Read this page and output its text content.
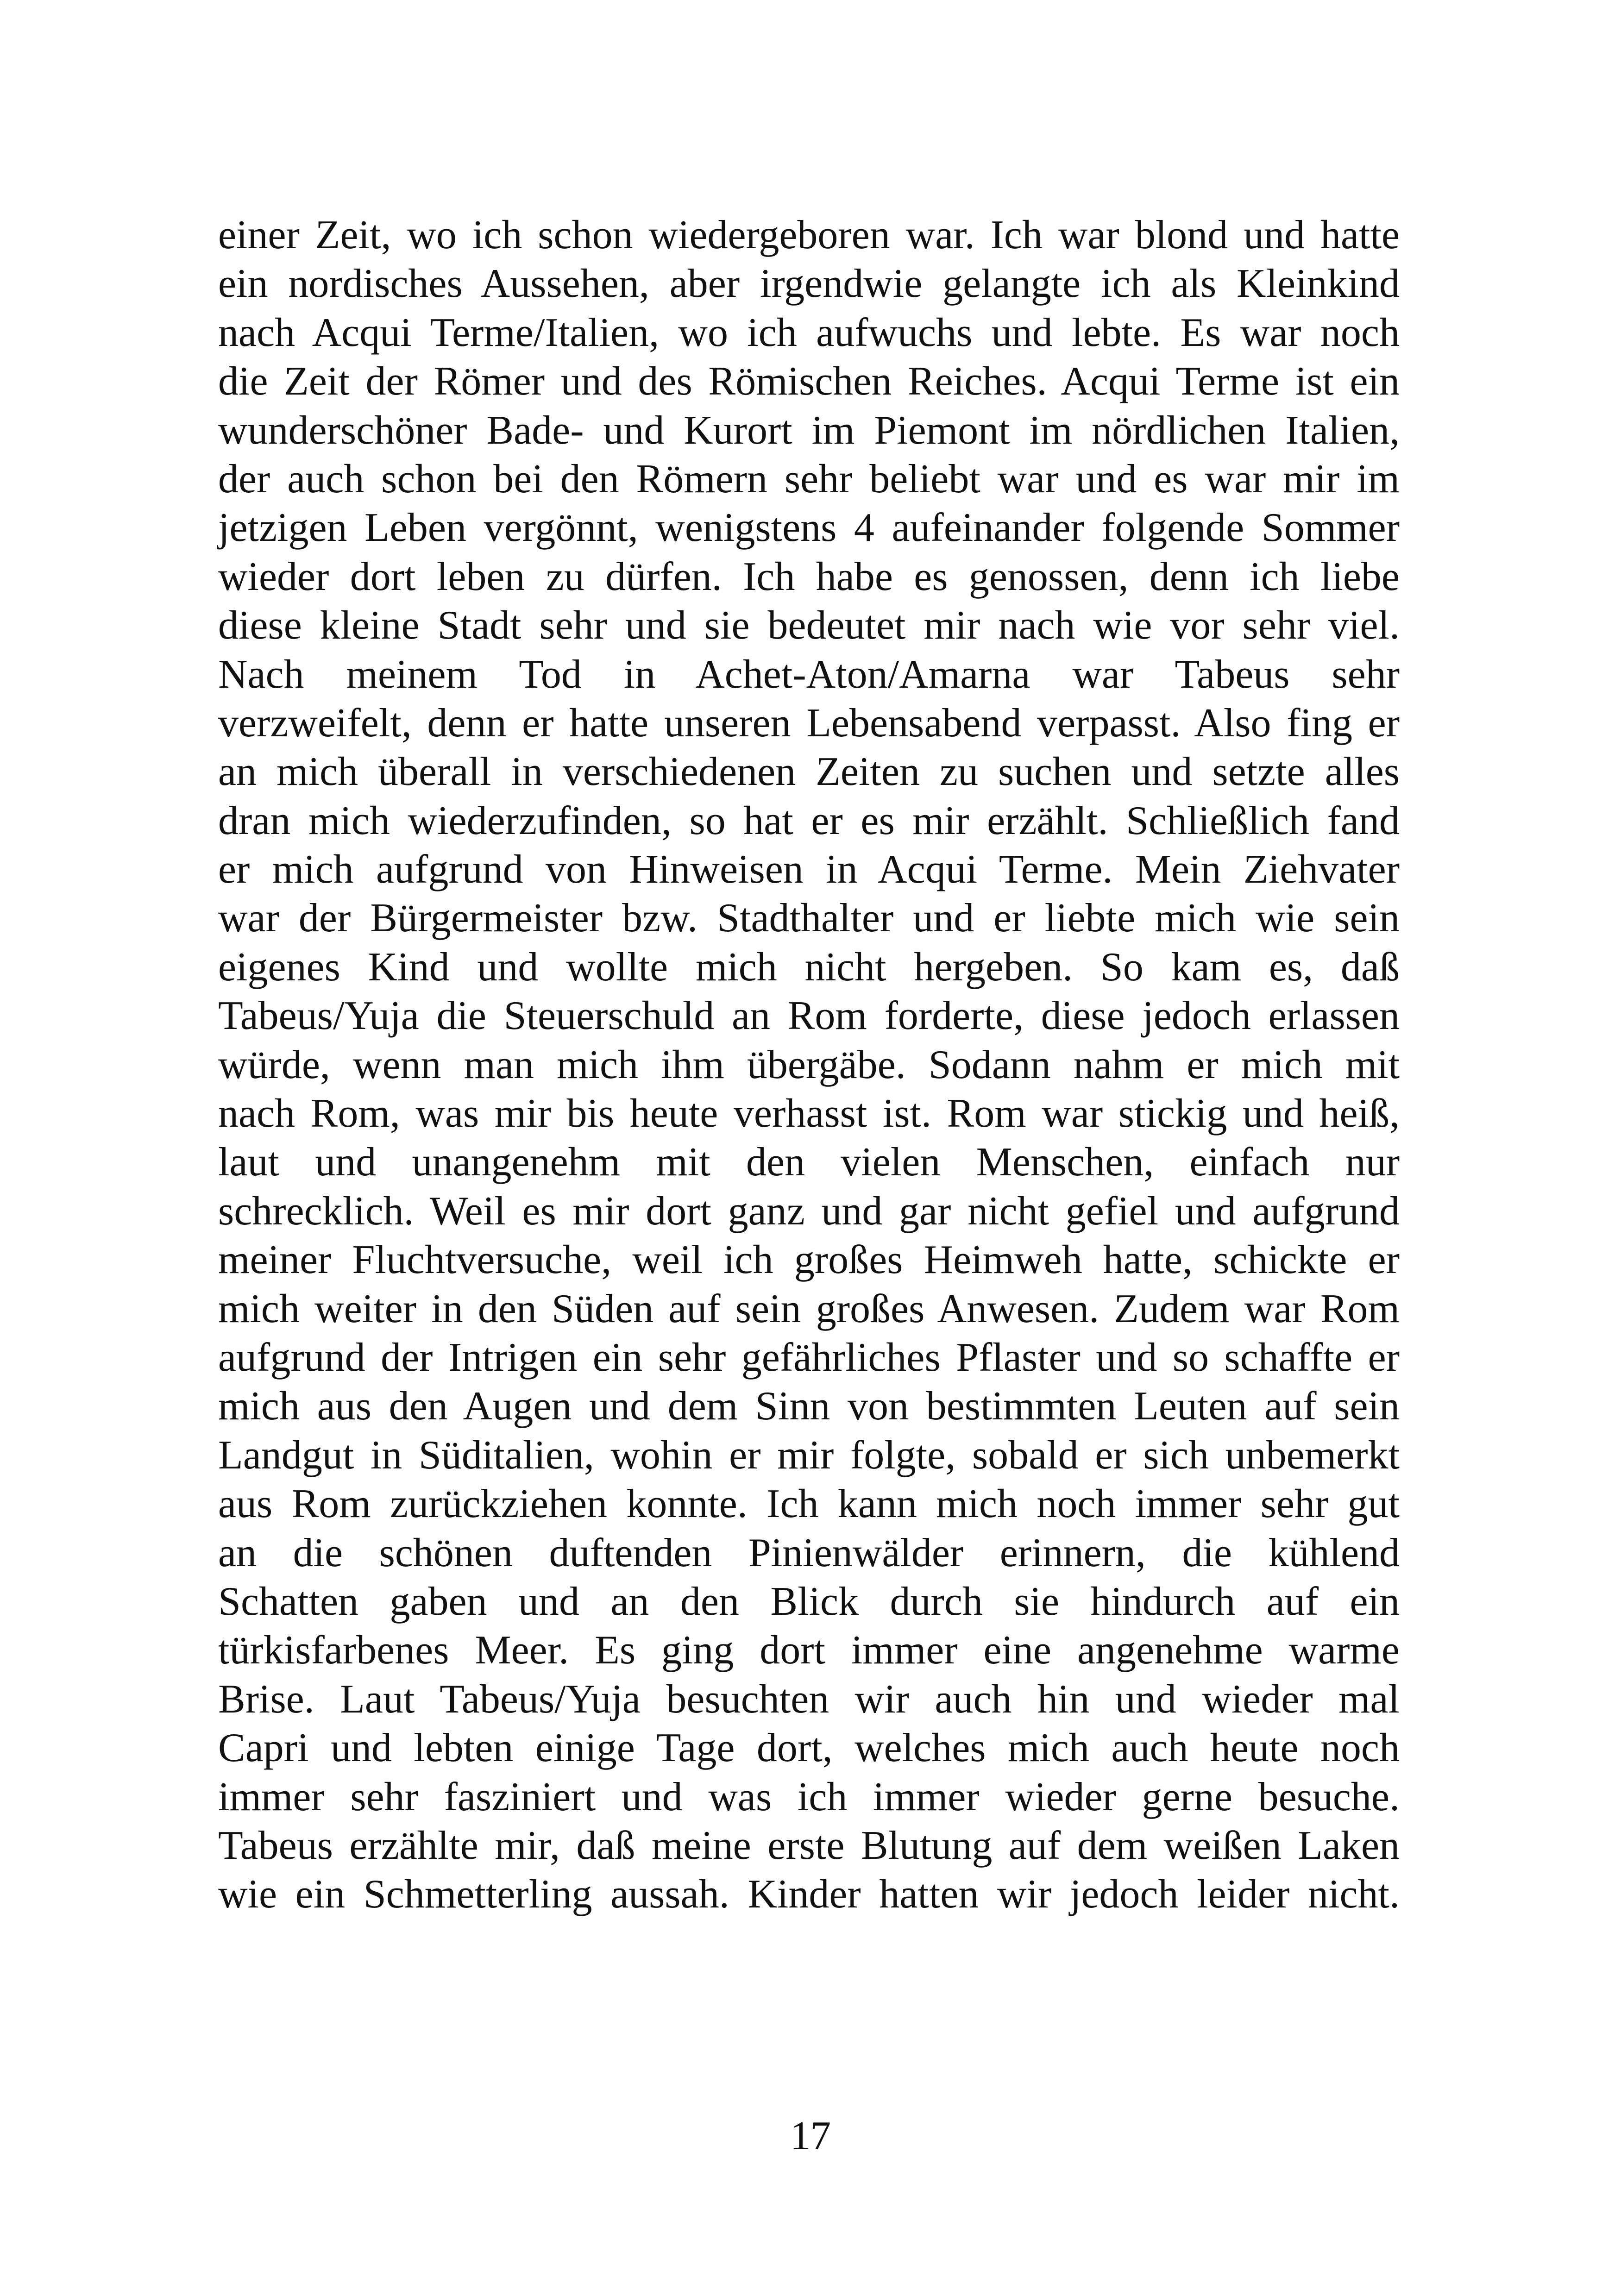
einer Zeit, wo ich schon wiedergeboren war. Ich war blond und hatte
ein nordisches Aussehen, aber irgendwie gelangte ich als Kleinkind
nach Acqui Terme/Italien, wo ich aufwuchs und lebte. Es war noch
die Zeit der Römer und des Römischen Reiches. Acqui Terme ist ein
wunderschöner Bade- und Kurort im Piemont im nördlichen Italien,
der auch schon bei den Römern sehr beliebt war und es war mir im
jetzigen Leben vergönnt, wenigstens 4 aufeinander folgende Sommer
wieder dort leben zu dürfen. Ich habe es genossen, denn ich liebe
diese kleine Stadt sehr und sie bedeutet mir nach wie vor sehr viel.
Nach meinem Tod in Achet-Aton/Amarna war Tabeus sehr
verzweifelt, denn er hatte unseren Lebensabend verpasst. Also fing er
an mich überall in verschiedenen Zeiten zu suchen und setzte alles
dran mich wiederzufinden, so hat er es mir erzählt. Schließlich fand
er mich aufgrund von Hinweisen in Acqui Terme. Mein Ziehvater
war der Bürgermeister bzw. Stadthalter und er liebte mich wie sein
eigenes Kind und wollte mich nicht hergeben. So kam es, daß
Tabeus/Yuja die Steuerschuld an Rom forderte, diese jedoch erlassen
würde, wenn man mich ihm übergäbe. Sodann nahm er mich mit
nach Rom, was mir bis heute verhasst ist. Rom war stickig und heiß,
laut und unangenehm mit den vielen Menschen, einfach nur
schrecklich. Weil es mir dort ganz und gar nicht gefiel und aufgrund
meiner Fluchtversuche, weil ich großes Heimweh hatte, schickte er
mich weiter in den Süden auf sein großes Anwesen. Zudem war Rom
aufgrund der Intrigen ein sehr gefährliches Pflaster und so schaffte er
mich aus den Augen und dem Sinn von bestimmten Leuten auf sein
Landgut in Süditalien, wohin er mir folgte, sobald er sich unbemerkt
aus Rom zurückziehen konnte. Ich kann mich noch immer sehr gut
an die schönen duftenden Pinienwälder erinnern, die kühlend
Schatten gaben und an den Blick durch sie hindurch auf ein
türkisfarbenes Meer. Es ging dort immer eine angenehme warme
Brise. Laut Tabeus/Yuja besuchten wir auch hin und wieder mal
Capri und lebten einige Tage dort, welches mich auch heute noch
immer sehr fasziniert und was ich immer wieder gerne besuche.
Tabeus erzählte mir, daß meine erste Blutung auf dem weißen Laken
wie ein Schmetterling aussah. Kinder hatten wir jedoch leider nicht.
17
